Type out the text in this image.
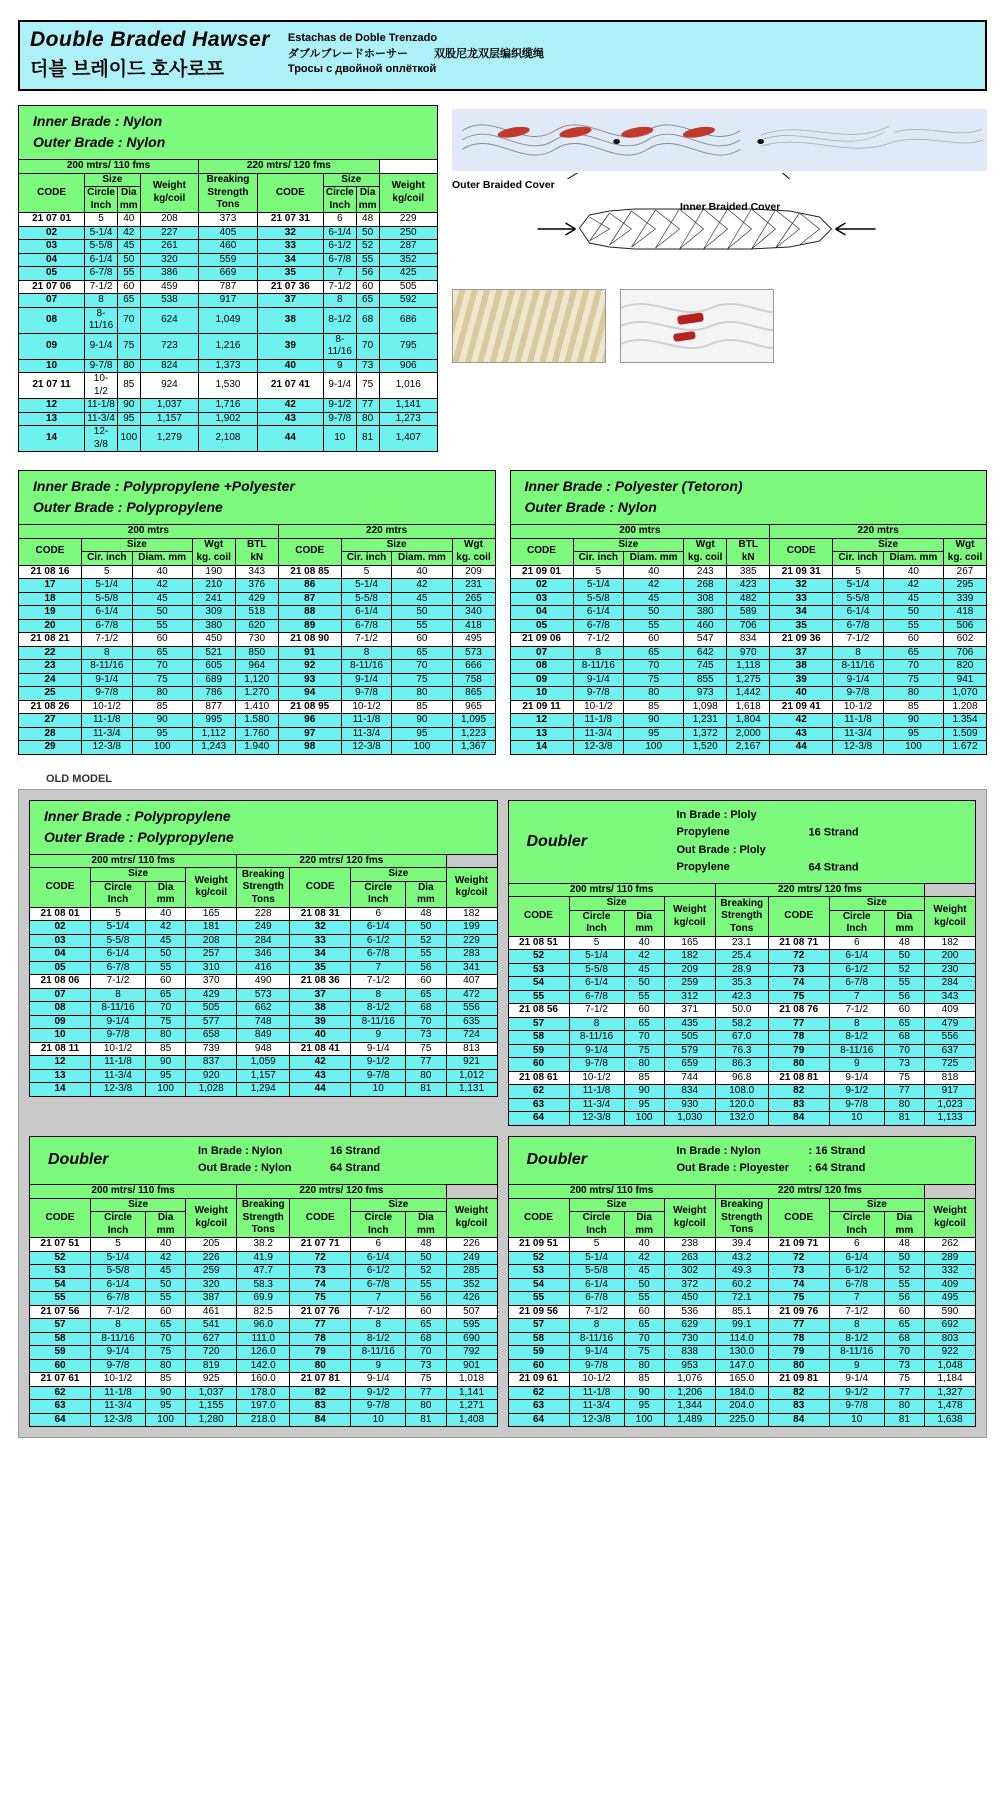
Double Braded Hawser
더블 브레이드 호사로프
Estachas de Doble Trenzado
ダブルブレードホーサー 双股尼龙双层编织缆绳
Тросы с двойной оплёткой
Inner Brade : Nylon
Outer Brade : Nylon
200 mtrs/ 110 fms				220 mtrs/ 120 fms				
CODE	Size	
Weight
kg/coil

Breaking Strength
Tons
	CODE	Size	
Weight
kg/coil

	Circle Inch	Dia mm				Circle Inch	Dia mm	
21 07 01	5	40	208	373	21 07 31	6	48	229
02	5-1/4	42	227	405	32	6-1/4	50	250
03	5-5/8	45	261	460	33	6-1/2	52	287
04	6-1/4	50	320	559	34	6-7/8	55	352
05	6-7/8	55	386	669	35	7	56	425
21 07 06	7-1/2	60	459	787	21 07 36	7-1/2	60	505
07	8	65	538	917	37	8	65	592
08	8-11/16	70	624	1,049	38	8-1/2	68	686
09	9-1/4	75	723	1,216	39	8-11/16	70	795
10	9-7/8	80	824	1,373	40	9	73	906
21 07 11	10-1/2	85	924	1,530	21 07 41	9-1/4	75	1,016
12	11-1/8	90	1,037	1,716	42	9-1/2	77	1,141
13	11-3/4	95	1,157	1,902	43	9-7/8	80	1,273
14	12-3/8	100	1,279	2,108	44	10	81	1,407
Outer Braided Cover
Inner Braided Cover
Inner Brade : Polypropylene +Polyester
Outer Brade : Polypropylene
200 mtrs					220 mtrs			
CODE	Size	Wgt
kg. coil

BTL
kN
	CODE	Size	Wgt
kg. coil

	Cir. inch	Diam. mm				Cir. inch	Diam. mm	
21 08 16	5	40	190	343	21 08 85	5	40	209
17	5-1/4	42	210	376	86	5-1/4	42	231
18	5-5/8	45	241	429	87	5-5/8	45	265
19	6-1/4	50	309	518	88	6-1/4	50	340
20	6-7/8	55	380	620	89	6-7/8	55	418
21 08 21	7-1/2	60	450	730	21 08 90	7-1/2	60	495
22	8	65	521	850	91	8	65	573
23	8-11/16	70	605	964	92	8-11/16	70	666
24	9-1/4	75	689	1,120	93	9-1/4	75	758
25	9-7/8	80	786	1.270	94	9-7/8	80	865
21 08 26	10-1/2	85	877	1.410	21 08 95	10-1/2	85	965
27	11-1/8	90	995	1.580	96	11-1/8	90	1,095
28	11-3/4	95	1,112	1.760	97	11-3/4	95	1,223
29	12-3/8	100	1,243	1.940	98	12-3/8	100	1,367
Inner Brade : Polyester (Tetoron)
Outer Brade : Nylon
200 mtrs					220 mtrs			
CODE	Size	Wgt
kg. coil

BTL
kN
	CODE	Size	Wgt
kg. coil

	Cir. inch	Diam. mm				Cir. inch	Diam. mm	
21 09 01	5	40	243	385	21 09 31	5	40	267
02	5-1/4	42	268	423	32	5-1/4	42	295
03	5-5/8	45	308	482	33	5-5/8	45	339
04	6-1/4	50	380	589	34	6-1/4	50	418
05	6-7/8	55	460	706	35	6-7/8	55	506
21 09 06	7-1/2	60	547	834	21 09 36	7-1/2	60	602
07	8	65	642	970	37	8	65	706
08	8-11/16	70	745	1,118	38	8-11/16	70	820
09	9-1/4	75	855	1,275	39	9-1/4	75	941
10	9-7/8	80	973	1,442	40	9-7/8	80	1,070
21 09 11	10-1/2	85	1,098	1,618	21 09 41	10-1/2	85	1.208
12	11-1/8	90	1,231	1,804	42	11-1/8	90	1.354
13	11-3/4	95	1,372	2,000	43	11-3/4	95	1.509
14	12-3/8	100	1,520	2,167	44	12-3/8	100	1.672
OLD MODEL
Inner Brade : Polypropylene
Outer Brade : Polypropylene
200 mtrs/ 110 fms				220 mtrs/ 120 fms				
CODE	Size	
Weight
kg/coil

Breaking Strength
Tons
	CODE	Size	
Weight
kg/coil

	Circle Inch	Dia mm				Circle Inch	Dia mm	
21 08 01	5	40	165	228	21 08 31	6	48	182
02	5-1/4	42	181	249	32	6-1/4	50	199
03	5-5/8	45	208	284	33	6-1/2	52	229
04	6-1/4	50	257	346	34	6-7/8	55	283
05	6-7/8	55	310	416	35	7	56	341
21 08 06	7-1/2	60	370	490	21 08 36	7-1/2	60	407
07	8	65	429	573	37	8	65	472
08	8-11/16	70	505	662	38	8-1/2	68	556
09	9-1/4	75	577	748	39	8-11/16	70	635
10	9-7/8	80	658	849	40	9	73	724
21 08 11	10-1/2	85	739	948	21 08 41	9-1/4	75	813
12	11-1/8	90	837	1,059	42	9-1/2	77	921
13	11-3/4	95	920	1,157	43	9-7/8	80	1,012
14	12-3/8	100	1,028	1,294	44	10	81	1,131
Doubler
In Brade : Ploly Propylene	16 Strand
Out Brade : Ploly Propylene	64 Strand
200 mtrs/ 110 fms				220 mtrs/ 120 fms				
CODE	Size	
Weight
kg/coil

Breaking Strength
Tons
	CODE	Size	
Weight
kg/coil

	Circle Inch	Dia mm				Circle Inch	Dia mm	
21 08 51	5	40	165	23.1	21 08 71	6	48	182
52	5-1/4	42	182	25.4	72	6-1/4	50	200
53	5-5/8	45	209	28.9	73	6-1/2	52	230
54	6-1/4	50	259	35.3	74	6-7/8	55	284
55	6-7/8	55	312	42.3	75	7	56	343
21 08 56	7-1/2	60	371	50.0	21 08 76	7-1/2	60	409
57	8	65	435	58.2	77	8	65	479
58	8-11/16	70	505	67.0	78	8-1/2	68	556
59	9-1/4	75	579	76.3	79	8-11/16	70	637
60	9-7/8	80	659	86.3	80	9	73	725
21 08 61	10-1/2	85	744	96.8	21 08 81	9-1/4	75	818
62	11-1/8	90	834	108.0	82	9-1/2	77	917
63	11-3/4	95	930	120.0	83	9-7/8	80	1,023
64	12-3/8	100	1,030	132.0	84	10	81	1,133
Doubler
In Brade : Nylon	16 Strand
Out Brade : Nylon	64 Strand
200 mtrs/ 110 fms				220 mtrs/ 120 fms				
CODE	Size	
Weight
kg/coil

Breaking Strength
Tons
	CODE	Size	
Weight
kg/coil

	Circle Inch	Dia mm				Circle Inch	Dia mm	
21 07 51	5	40	205	38.2	21 07 71	6	48	226
52	5-1/4	42	226	41.9	72	6-1/4	50	249
53	5-5/8	45	259	47.7	73	6-1/2	52	285
54	6-1/4	50	320	58.3	74	6-7/8	55	352
55	6-7/8	55	387	69.9	75	7	56	426
21 07 56	7-1/2	60	461	82.5	21 07 76	7-1/2	60	507
57	8	65	541	96.0	77	8	65	595
58	8-11/16	70	627	111.0	78	8-1/2	68	690
59	9-1/4	75	720	126.0	79	8-11/16	70	792
60	9-7/8	80	819	142.0	80	9	73	901
21 07 61	10-1/2	85	925	160.0	21 07 81	9-1/4	75	1,018
62	11-1/8	90	1,037	178.0	82	9-1/2	77	1,141
63	11-3/4	95	1,155	197.0	83	9-7/8	80	1,271
64	12-3/8	100	1,280	218.0	84	10	81	1,408
Doubler
In Brade : Nylon	: 16 Strand
Out Brade : Ployester : 64 Strand
200 mtrs/ 110 fms				220 mtrs/ 120 fms				
CODE	Size	
Weight
kg/coil

Breaking Strength
Tons
	CODE	Size	
Weight
kg/coil

	Circle Inch	Dia mm				Circle Inch	Dia mm	
21 09 51	5	40	238	39.4	21 09 71	6	48	262
52	5-1/4	42	263	43.2	72	6-1/4	50	289
53	5-5/8	45	302	49.3	73	6-1/2	52	332
54	6-1/4	50	372	60.2	74	6-7/8	55	409
55	6-7/8	55	450	72.1	75	7	56	495
21 09 56	7-1/2	60	536	85.1	21 09 76	7-1/2	60	590
57	8	65	629	99.1	77	8	65	692
58	8-11/16	70	730	114.0	78	8-1/2	68	803
59	9-1/4	75	838	130.0	79	8-11/16	70	922
60	9-7/8	80	953	147.0	80	9	73	1,048
21 09 61	10-1/2	85	1,076	165.0	21 09 81	9-1/4	75	1,184
62	11-1/8	90	1,206	184.0	82	9-1/2	77	1,327
63	11-3/4	95	1,344	204.0	83	9-7/8	80	1,478
64	12-3/8	100	1,489	225.0	84	10	81	1,638
